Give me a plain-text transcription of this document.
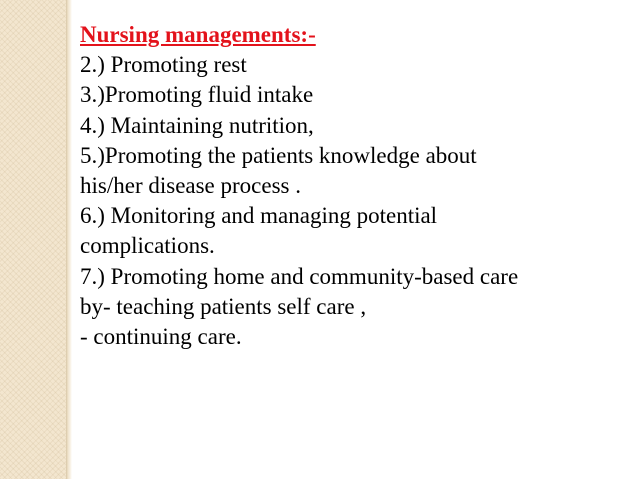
Nursing managements:-
2.) Promoting rest
3.)Promoting fluid intake
4.) Maintaining nutrition,
5.)Promoting the patients knowledge about
his/her disease process .
6.) Monitoring and managing potential
complications.
7.) Promoting home and community-based care
by- teaching patients self care ,
- continuing care.
